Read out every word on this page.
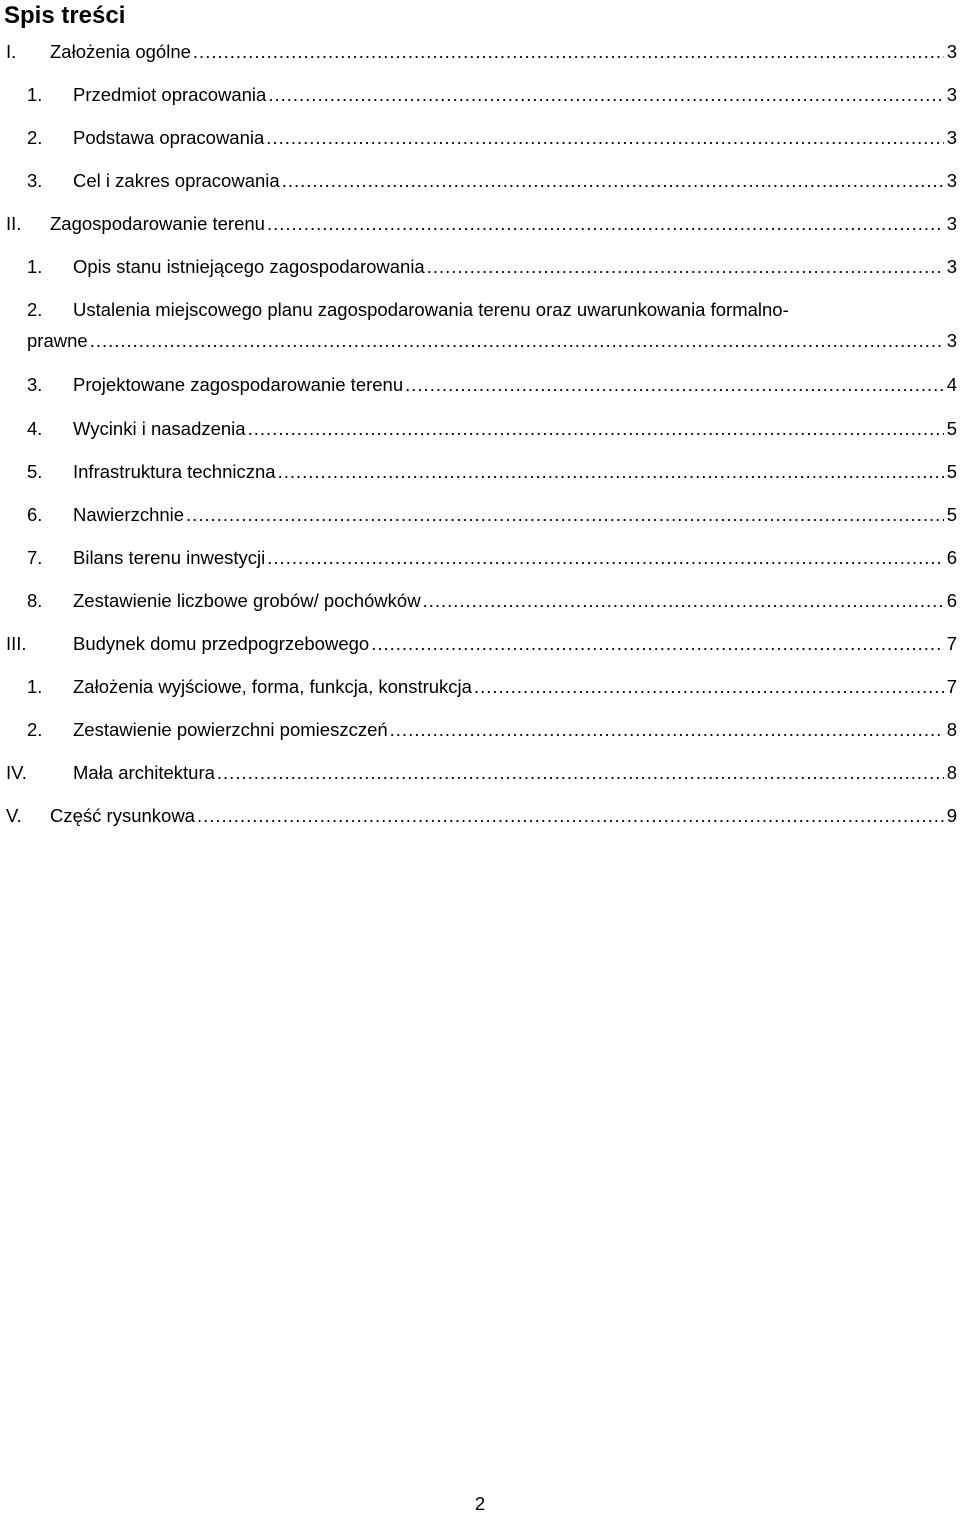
Spis treści
I. Założenia ogólne .....	3
1. Przedmiot opracowania .....	3
2. Podstawa opracowania .....	3
3. Cel i zakres opracowania .....	3
II. Zagospodarowanie terenu .....	3
1. Opis stanu istniejącego zagospodarowania .....	3
2. Ustalenia miejscowego planu zagospodarowania terenu oraz uwarunkowania formalno-
prawne .....	3
3. Projektowane zagospodarowanie terenu .....	4
4. Wycinki i nasadzenia .....	5
5. Infrastruktura techniczna .....	5
6. Nawierzchnie .....	5
7. Bilans terenu inwestycji .....	6
8. Zestawienie liczbowe grobów/ pochówków .....	6
III.	Budynek domu przedpogrzebowego .....	7
1. Założenia wyjściowe, forma, funkcja, konstrukcja .....	7
2. Zestawienie powierzchni pomieszczeń .....	8
IV. Mała architektura .....	8
V. Część rysunkowa .....	9
2
